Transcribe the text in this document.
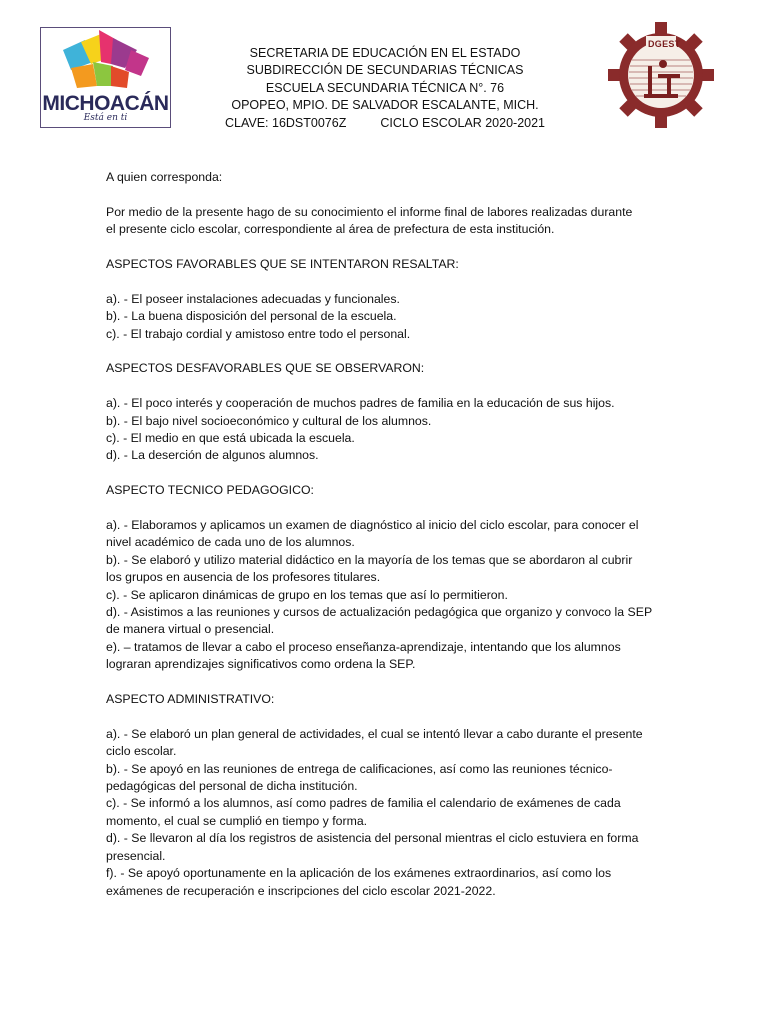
MICHOACÁN
Está en ti
SECRETARIA DE EDUCACIÓN EN EL ESTADO
SUBDIRECCIÓN DE SECUNDARIAS TÉCNICAS
ESCUELA SECUNDARIA TÉCNICA N°. 76
OPOPEO, MPIO. DE SALVADOR ESCALANTE, MICH.
CLAVE: 16DST0076Z	CICLO ESCOLAR 2020-2021
DGEST

A quien corresponda:

Por medio de la presente hago de su conocimiento el informe final de labores realizadas durante

el presente ciclo escolar, correspondiente al área de prefectura de esta institución.

ASPECTOS FAVORABLES QUE SE INTENTARON RESALTAR:

a). - El poseer instalaciones adecuadas y funcionales.

b). - La buena disposición del personal de la escuela.

c). - El trabajo cordial y amistoso entre todo el personal.

ASPECTOS DESFAVORABLES QUE SE OBSERVARON:

a). - El poco interés y cooperación de muchos padres de familia en la educación de sus hijos.

b). - El bajo nivel socioeconómico y cultural de los alumnos.

c). - El medio en que está ubicada la escuela.

d). - La deserción de algunos alumnos.

ASPECTO TECNICO PEDAGOGICO:

a). - Elaboramos y aplicamos un examen de diagnóstico al inicio del ciclo escolar, para conocer el

nivel académico de cada uno de los alumnos.

b). - Se elaboró y utilizo material didáctico en la mayoría de los temas que se abordaron al cubrir

los grupos en ausencia de los profesores titulares.

c). - Se aplicaron dinámicas de grupo en los temas que así lo permitieron.

d). - Asistimos a las reuniones y cursos de actualización pedagógica que organizo y convoco la SEP

de manera virtual o presencial.

e). – tratamos de llevar a cabo el proceso enseñanza-aprendizaje, intentando que los alumnos

lograran aprendizajes significativos como ordena la SEP.

ASPECTO ADMINISTRATIVO:

a). - Se elaboró un plan general de actividades, el cual se intentó llevar a cabo durante el presente

ciclo escolar.

b). - Se apoyó en las reuniones de entrega de calificaciones, así como las reuniones técnico-

pedagógicas del personal de dicha institución.

c). - Se informó a los alumnos, así como padres de familia el calendario de exámenes de cada

momento, el cual se cumplió en tiempo y forma.

d). - Se llevaron al día los registros de asistencia del personal mientras el ciclo estuviera en forma

presencial.

f). - Se apoyó oportunamente en la aplicación de los exámenes extraordinarios, así como los

exámenes de recuperación e inscripciones del ciclo escolar 2021-2022.
